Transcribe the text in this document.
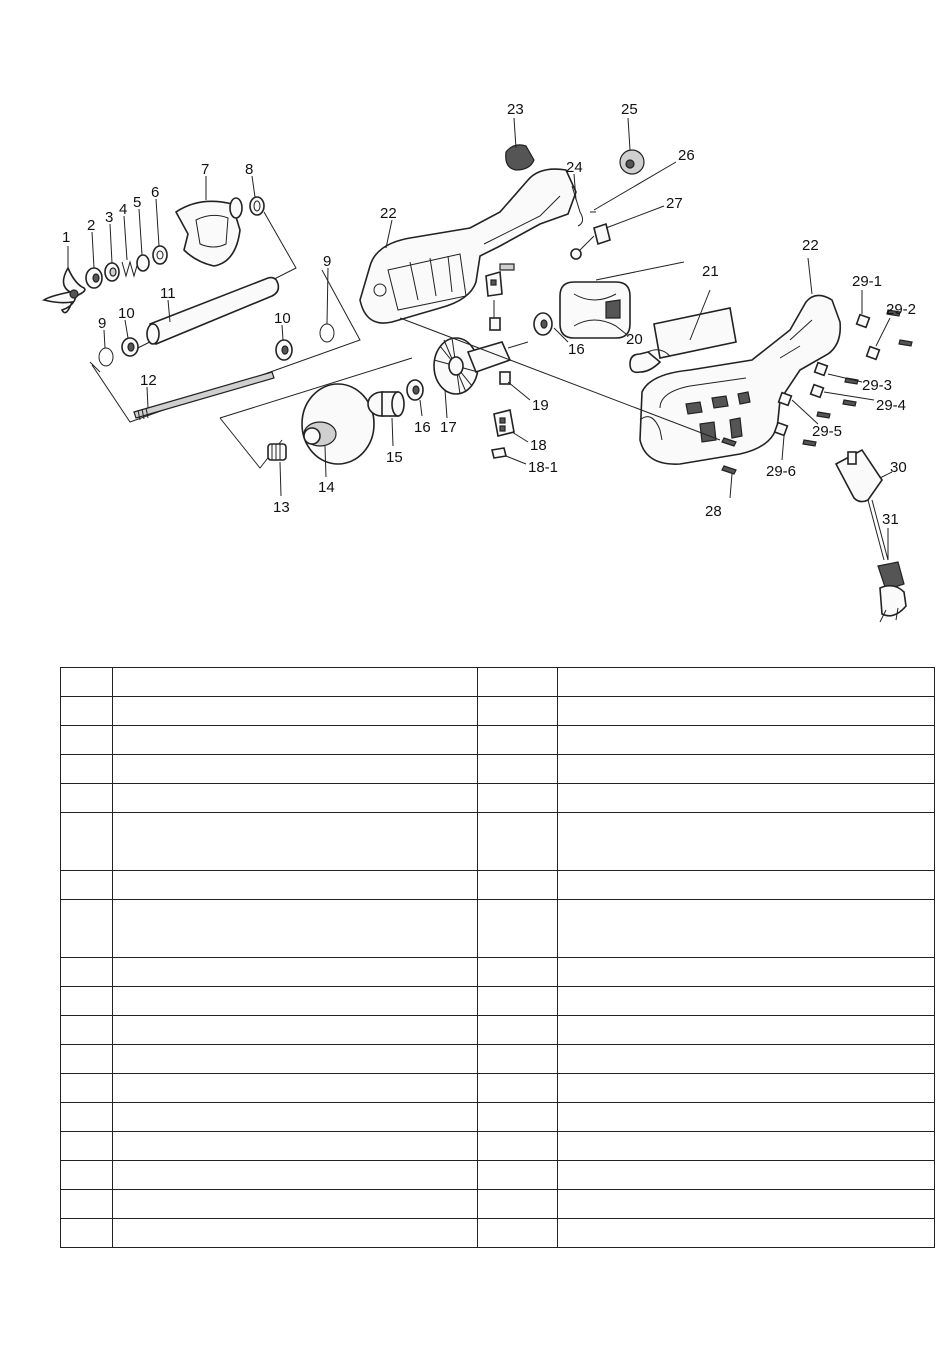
1
2 3 4 5
6
7 8
11
10
9
12
10
9
13
14
15
16 17
16
19
18
18-1
20
21
22
23
24
25
26
27
22
28
29-1
29-2
29-3
29-4
29-5
29-6	30
31
